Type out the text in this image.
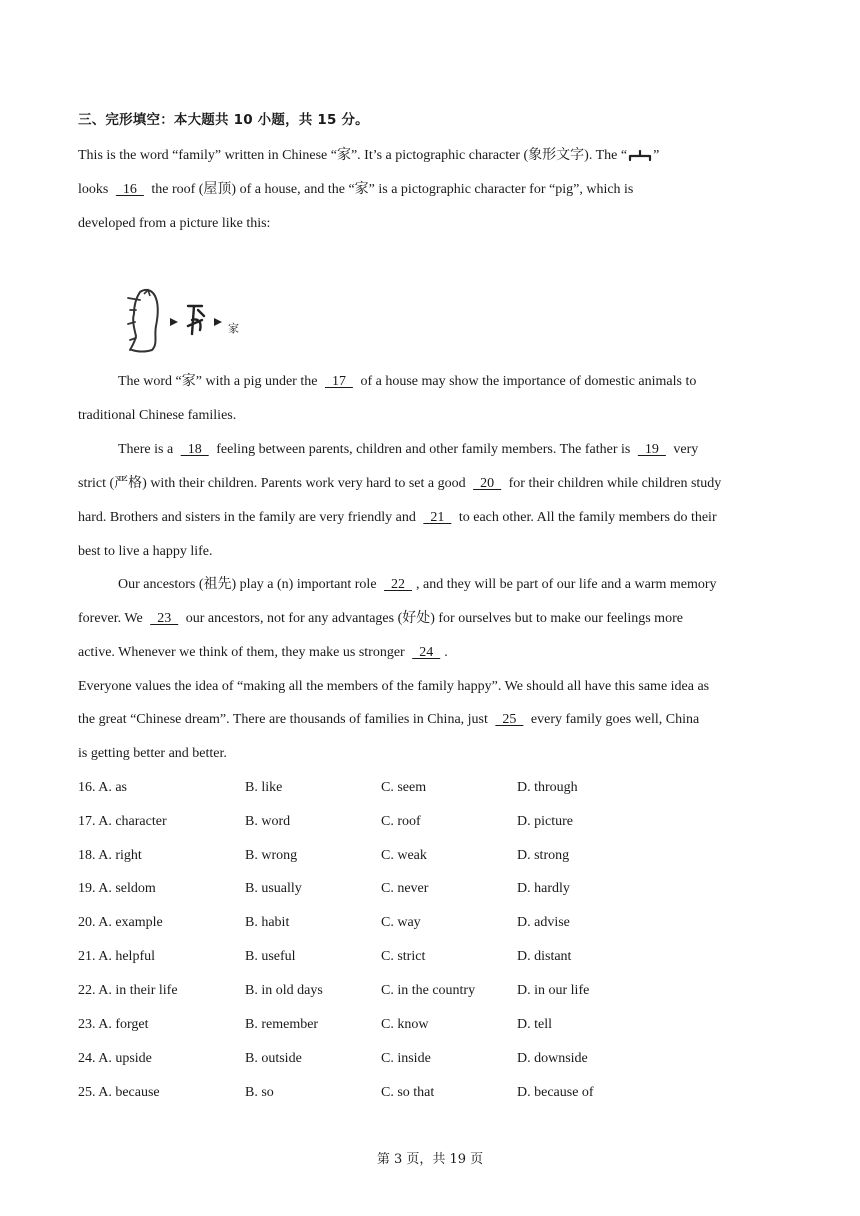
三、完形填空：本大题共 10 小题，共 15 分。
This is the word “family” written in Chinese “家”. It’s a pictographic character (象形文字). The “ ”
looks   16   the roof (屋顶) of a house, and the “家” is a pictographic character for “pig”, which is
developed from a picture like this:
家
The word “家” with a pig under the   17   of a house may show the importance of domestic animals to
traditional Chinese families.
There is a   18   feeling between parents, children and other family members. The father is   19   very
strict (严格) with their children. Parents work very hard to set a good   20   for their children while children study
hard. Brothers and sisters in the family are very friendly and   21   to each other. All the family members do their
best to live a happy life.
Our ancestors (祖先) play a (n) important role   22  , and they will be part of our life and a warm memory
forever. We   23   our ancestors, not for any advantages (好处) for ourselves but to make our feelings more
active. Whenever we think of them, they make us stronger   24  .
Everyone values the idea of “making all the members of the family happy”. We should all have this same idea as
the great “Chinese dream”. There are thousands of families in China, just   25   every family goes well, China
is getting better and better.
16. A. as	B. like	C. seem	D. through
17. A. character	B. word	C. roof	D. picture
18. A. right	B. wrong	C. weak	D. strong
19. A. seldom	B. usually	C. never	D. hardly
20. A. example	B. habit	C. way	D. advise
21. A. helpful	B. useful	C. strict	D. distant
22. A. in their life	B. in old days	C. in the country	D. in our life
23. A. forget	B. remember	C. know	D. tell
24. A. upside	B. outside	C. inside	D. downside
25. A. because	B. so	C. so that	D. because of
第 3 页，共 19 页
